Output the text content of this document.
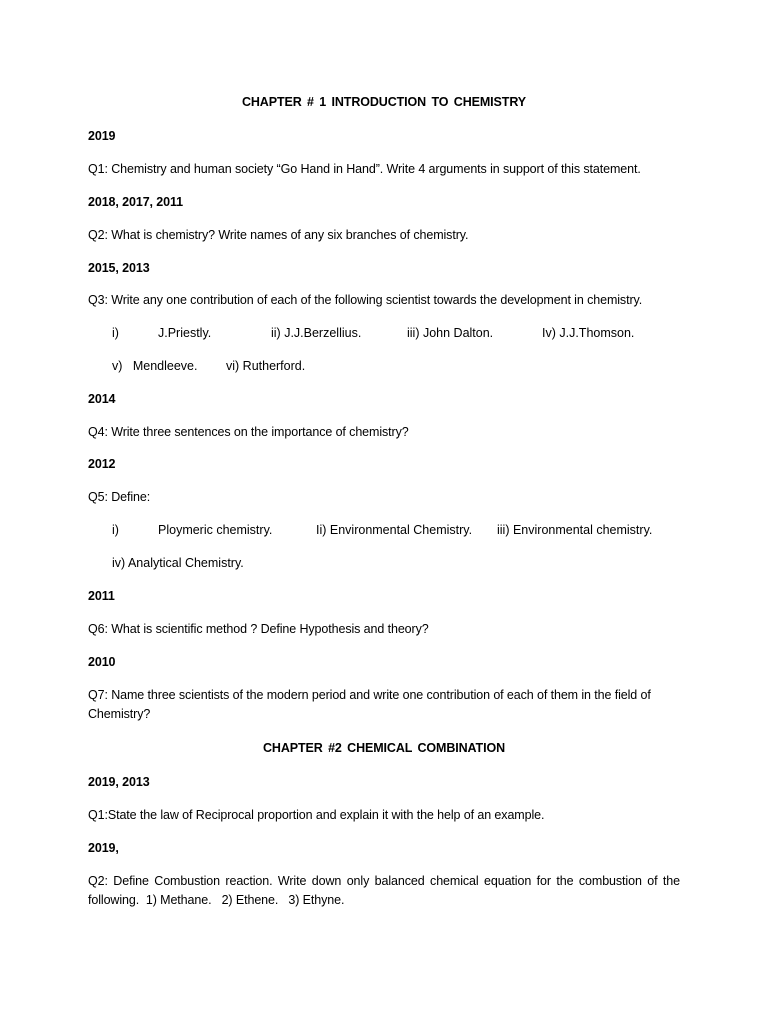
CHAPTER # 1 INTRODUCTION TO CHEMISTRY
2019
Q1: Chemistry and human society “Go Hand in Hand”. Write 4 arguments in support of this statement.
2018, 2017, 2011
Q2: What is chemistry? Write names of any six branches of chemistry.
2015, 2013
Q3: Write any one contribution of each of the following scientist towards the development in chemistry.
i)	J.Priestly.	ii) J.J.Berzellius.	iii) John Dalton.	Iv) J.J.Thomson.
v)   Mendleeve. vi) Rutherford.
2014
Q4: Write three sentences on the importance of chemistry?
2012
Q5: Define:
i)	Ploymeric chemistry.	Ii) Environmental Chemistry. iii) Environmental chemistry.
iv) Analytical Chemistry.
2011
Q6: What is scientific method ? Define Hypothesis and theory?
2010
Q7: Name three scientists of the modern period and write one contribution of each of them in the field of Chemistry?
CHAPTER #2 CHEMICAL COMBINATION
2019, 2013
Q1:State the law of Reciprocal proportion and explain it with the help of an example.
2019,
Q2: Define Combustion reaction. Write down only balanced chemical equation for the combustion of the following.  1) Methane.   2) Ethene.   3) Ethyne.
